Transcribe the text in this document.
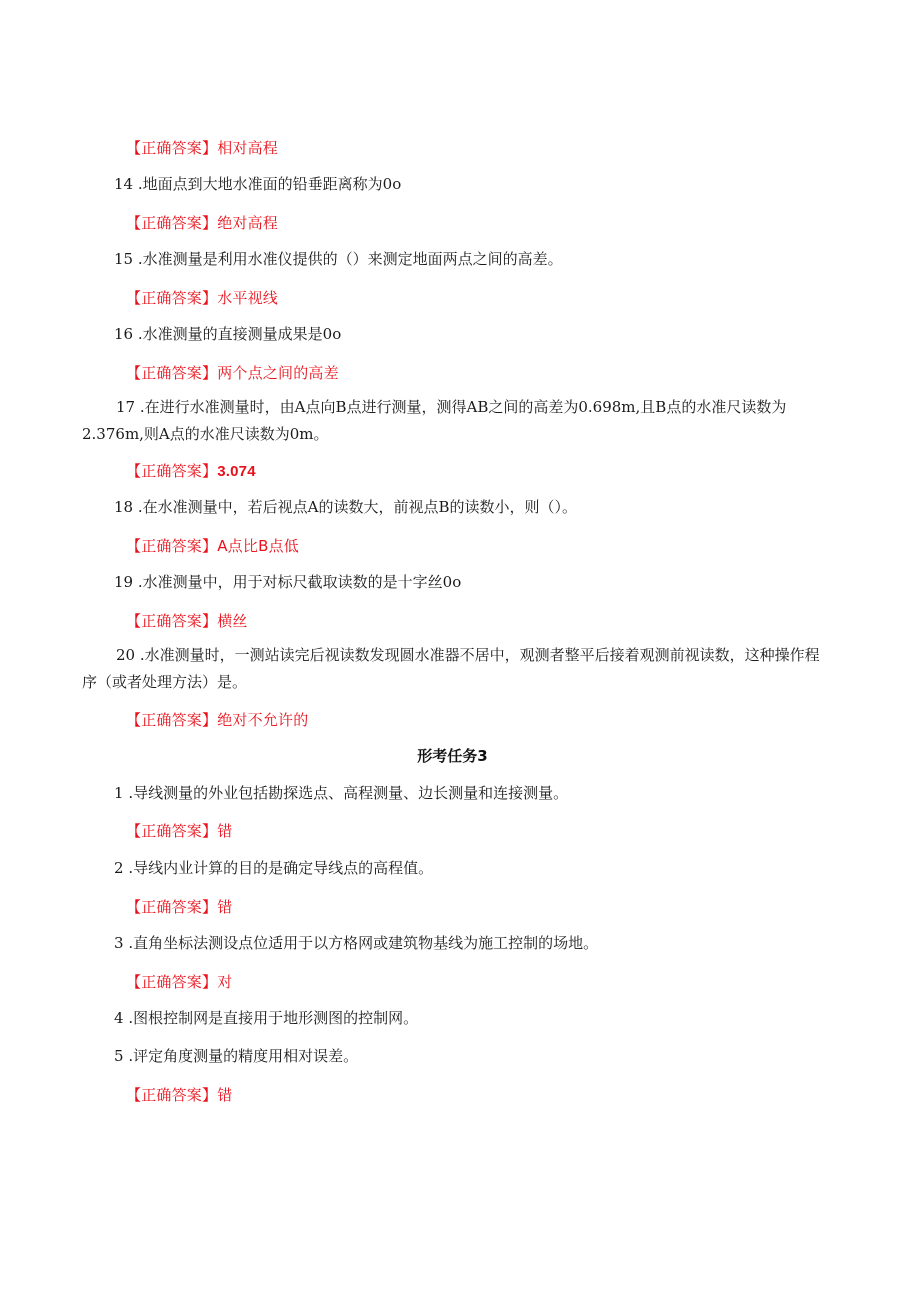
【正确答案】相对高程
14 .地面点到大地水准面的铅垂距离称为0o
【正确答案】绝对高程
15 .水准测量是利用水准仪提供的（）来测定地面两点之间的高差。
【正确答案】水平视线
16 .水准测量的直接测量成果是0o
【正确答案】两个点之间的高差
17 .在进行水准测量时，由A点向B点进行测量，测得AB之间的高差为0.698m,且B点的水准尺读数为2.376m,则A点的水准尺读数为0m。
【正确答案】3.074
18 .在水准测量中，若后视点A的读数大，前视点B的读数小，则（）。
【正确答案】A点比B点低
19 .水准测量中，用于对标尺截取读数的是十字丝0o
【正确答案】横丝
20 .水准测量时，一测站读完后视读数发现圆水准器不居中，观测者整平后接着观测前视读数，这种操作程序（或者处理方法）是。
【正确答案】绝对不允许的
形考任务3
1 .导线测量的外业包括勘探选点、高程测量、边长测量和连接测量。
【正确答案】错
2 .导线内业计算的目的是确定导线点的高程值。
【正确答案】错
3 .直角坐标法测设点位适用于以方格网或建筑物基线为施工控制的场地。
【正确答案】对
4 .图根控制网是直接用于地形测图的控制网。
5 .评定角度测量的精度用相对误差。
【正确答案】错
